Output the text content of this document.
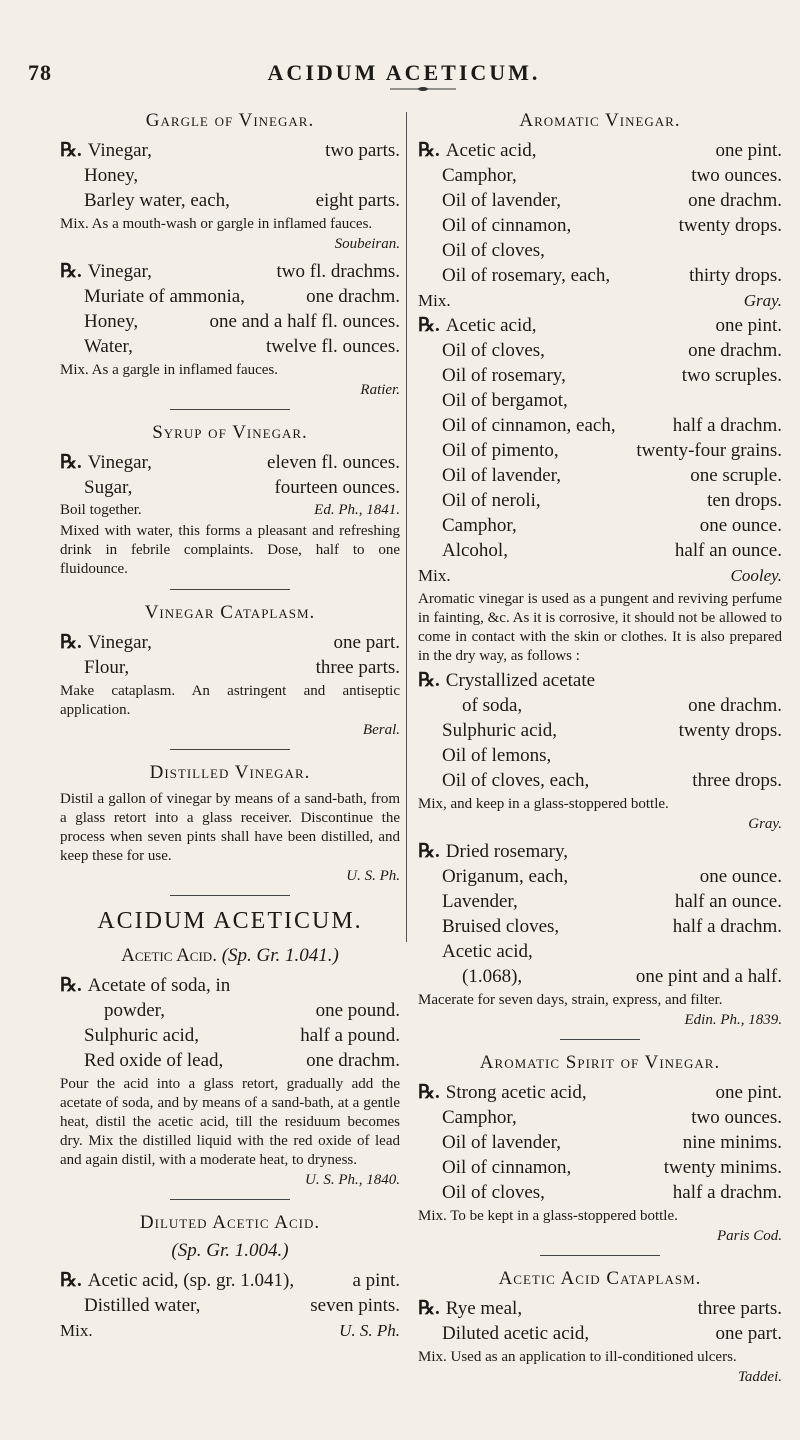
78	ACIDUM ACETICUM.
Gargle of Vinegar.
℞. Vinegar,	two parts.
Honey,
Barley water, each,	eight parts.
Mix. As a mouth-wash or gargle in inflamed fauces.
Soubeiran.
℞. Vinegar,	two fl. drachms.
Muriate of ammonia,	one drachm.
Honey,	one and a half fl. ounces.
Water,	twelve fl. ounces.
Mix. As a gargle in inflamed fauces.
Ratier.
Syrup of Vinegar.
℞. Vinegar,	eleven fl. ounces.
Sugar,	fourteen ounces.
Boil together.	Ed. Ph., 1841.
Mixed with water, this forms a pleasant and refreshing drink in febrile complaints. Dose, half to one fluidounce.
Vinegar Cataplasm.
℞. Vinegar,	one part.
Flour,	three parts.
Make cataplasm. An astringent and antiseptic application.
Beral.
Distilled Vinegar.
Distil a gallon of vinegar by means of a sand-bath, from a glass retort into a glass receiver. Discontinue the process when seven pints shall have been distilled, and keep these for use.
U. S. Ph.
ACIDUM ACETICUM.
Acetic Acid. (Sp. Gr. 1.041.)
℞. Acetate of soda, in
powder,	one pound.
Sulphuric acid,	half a pound.
Red oxide of lead,	one drachm.
Pour the acid into a glass retort, gradually add the acetate of soda, and by means of a sand-bath, at a gentle heat, distil the acetic acid, till the residuum becomes dry. Mix the distilled liquid with the red oxide of lead and again distil, with a moderate heat, to dryness.
U. S. Ph., 1840.
Diluted Acetic Acid.
(Sp. Gr. 1.004.)
℞. Acetic acid, (sp. gr. 1.041),	a pint.
Distilled water,	seven pints.
Mix.	U. S. Ph.
Aromatic Vinegar.
℞. Acetic acid,	one pint.
Camphor,	two ounces.
Oil of lavender,	one drachm.
Oil of cinnamon,	twenty drops.
Oil of cloves,
Oil of rosemary, each,	thirty drops.
Mix.	Gray.
℞. Acetic acid,	one pint.
Oil of cloves,	one drachm.
Oil of rosemary,	two scruples.
Oil of bergamot,
Oil of cinnamon, each,	half a drachm.
Oil of pimento,	twenty-four grains.
Oil of lavender,	one scruple.
Oil of neroli,	ten drops.
Camphor,	one ounce.
Alcohol,	half an ounce.
Mix.	Cooley.
Aromatic vinegar is used as a pungent and reviving perfume in fainting, &c. As it is corrosive, it should not be allowed to come in contact with the skin or clothes. It is also prepared in the dry way, as follows :
℞. Crystallized acetate
of soda,	one drachm.
Sulphuric acid,	twenty drops.
Oil of lemons,
Oil of cloves, each,	three drops.
Mix, and keep in a glass-stoppered bottle.
Gray.
℞. Dried rosemary,
Origanum, each,	one ounce.
Lavender,	half an ounce.
Bruised cloves,	half a drachm.
Acetic acid,
(1.068),	one pint and a half.
Macerate for seven days, strain, express, and filter.
Edin. Ph., 1839.
Aromatic Spirit of Vinegar.
℞. Strong acetic acid,	one pint.
Camphor,	two ounces.
Oil of lavender,	nine minims.
Oil of cinnamon,	twenty minims.
Oil of cloves,	half a drachm.
Mix. To be kept in a glass-stoppered bottle.
Paris Cod.
Acetic Acid Cataplasm.
℞. Rye meal,	three parts.
Diluted acetic acid,	one part.
Mix. Used as an application to ill-conditioned ulcers.
Taddei.
